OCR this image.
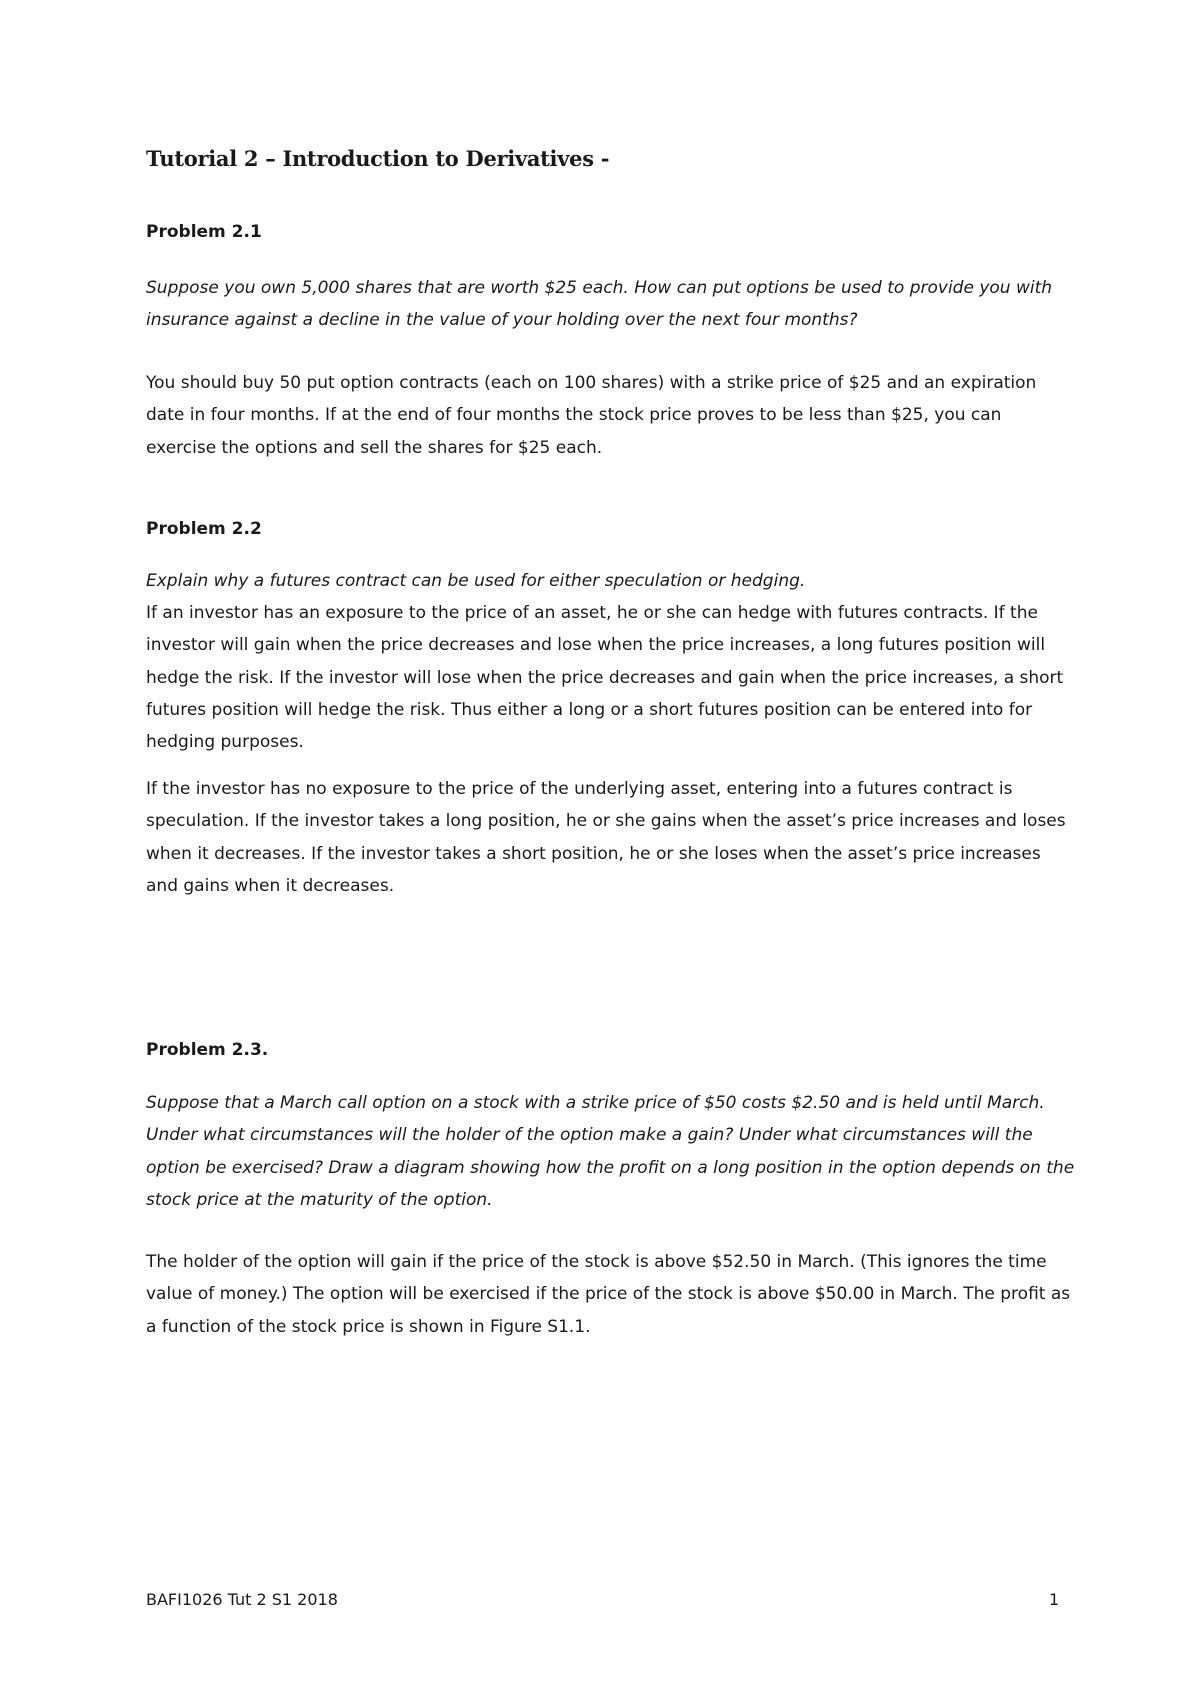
Tutorial 2 – Introduction to Derivatives -

Problem 2.1

Suppose you own 5,000 shares that are worth $25 each. How can put options be used to provide you with insurance against a decline in the value of your holding over the next four months?

You should buy 50 put option contracts (each on 100 shares) with a strike price of $25 and an expiration date in four months. If at the end of four months the stock price proves to be less than $25, you can exercise the options and sell the shares for $25 each.

Problem 2.2

Explain why a futures contract can be used for either speculation or hedging.

If an investor has an exposure to the price of an asset, he or she can hedge with futures contracts. If the investor will gain when the price decreases and lose when the price increases, a long futures position will hedge the risk. If the investor will lose when the price decreases and gain when the price increases, a short futures position will hedge the risk. Thus either a long or a short futures position can be entered into for hedging purposes.

If the investor has no exposure to the price of the underlying asset, entering into a futures contract is speculation. If the investor takes a long position, he or she gains when the asset’s price increases and loses when it decreases. If the investor takes a short position, he or she loses when the asset’s price increases and gains when it decreases.

Problem 2.3.

Suppose that a March call option on a stock with a strike price of $50 costs $2.50 and is held until March. Under what circumstances will the holder of the option make a gain? Under what circumstances will the option be exercised? Draw a diagram showing how the profit on a long position in the option depends on the stock price at the maturity of the option.

The holder of the option will gain if the price of the stock is above $52.50 in March. (This ignores the time value of money.) The option will be exercised if the price of the stock is above $50.00 in March. The profit as a function of the stock price is shown in Figure S1.1.

BAFI1026 Tut 2 S1 2018	1
